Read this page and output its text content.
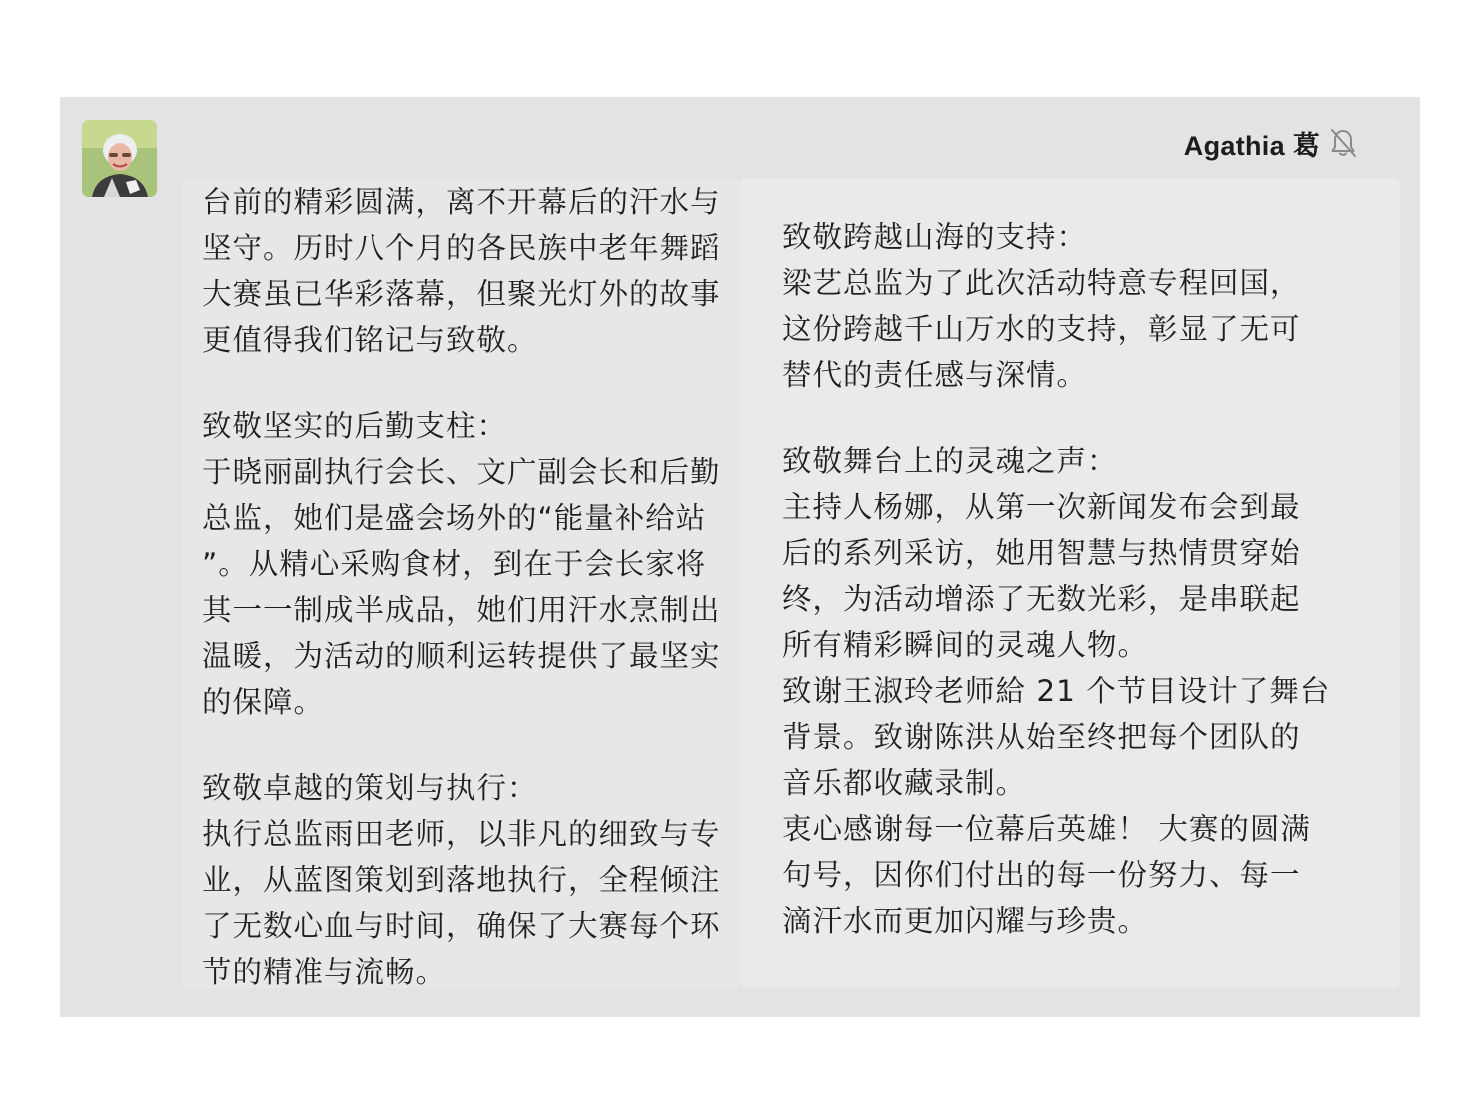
Agathia 葛
台前的精彩圆满，离不开幕后的汗水与
坚守。历时八个月的各民族中老年舞蹈
大赛虽已华彩落幕，但聚光灯外的故事
更值得我们铭记与致敬。
致敬坚实的后勤支柱：
于晓丽副执行会长、文广副会长和后勤
总监，她们是盛会场外的“能量补给站
”。从精心采购食材，到在于会长家将
其一一制成半成品，她们用汗水烹制出
温暖，为活动的顺利运转提供了最坚实
的保障。
致敬卓越的策划与执行：
执行总监雨田老师，以非凡的细致与专
业，从蓝图策划到落地执行，全程倾注
了无数心血与时间，确保了大赛每个环
节的精准与流畅。
致敬跨越山海的支持：
梁艺总监为了此次活动特意专程回国，
这份跨越千山万水的支持，彰显了无可
替代的责任感与深情。
致敬舞台上的灵魂之声：
主持人杨娜，从第一次新闻发布会到最
后的系列采访，她用智慧与热情贯穿始
终，为活动增添了无数光彩，是串联起
所有精彩瞬间的灵魂人物。
致谢王淑玲老师給 21 个节目设计了舞台
背景。致谢陈洪从始至终把每个团队的
音乐都收藏录制。
衷心感谢每一位幕后英雄！ 大赛的圆满
句号，因你们付出的每一份努力、每一
滴汗水而更加闪耀与珍贵。
